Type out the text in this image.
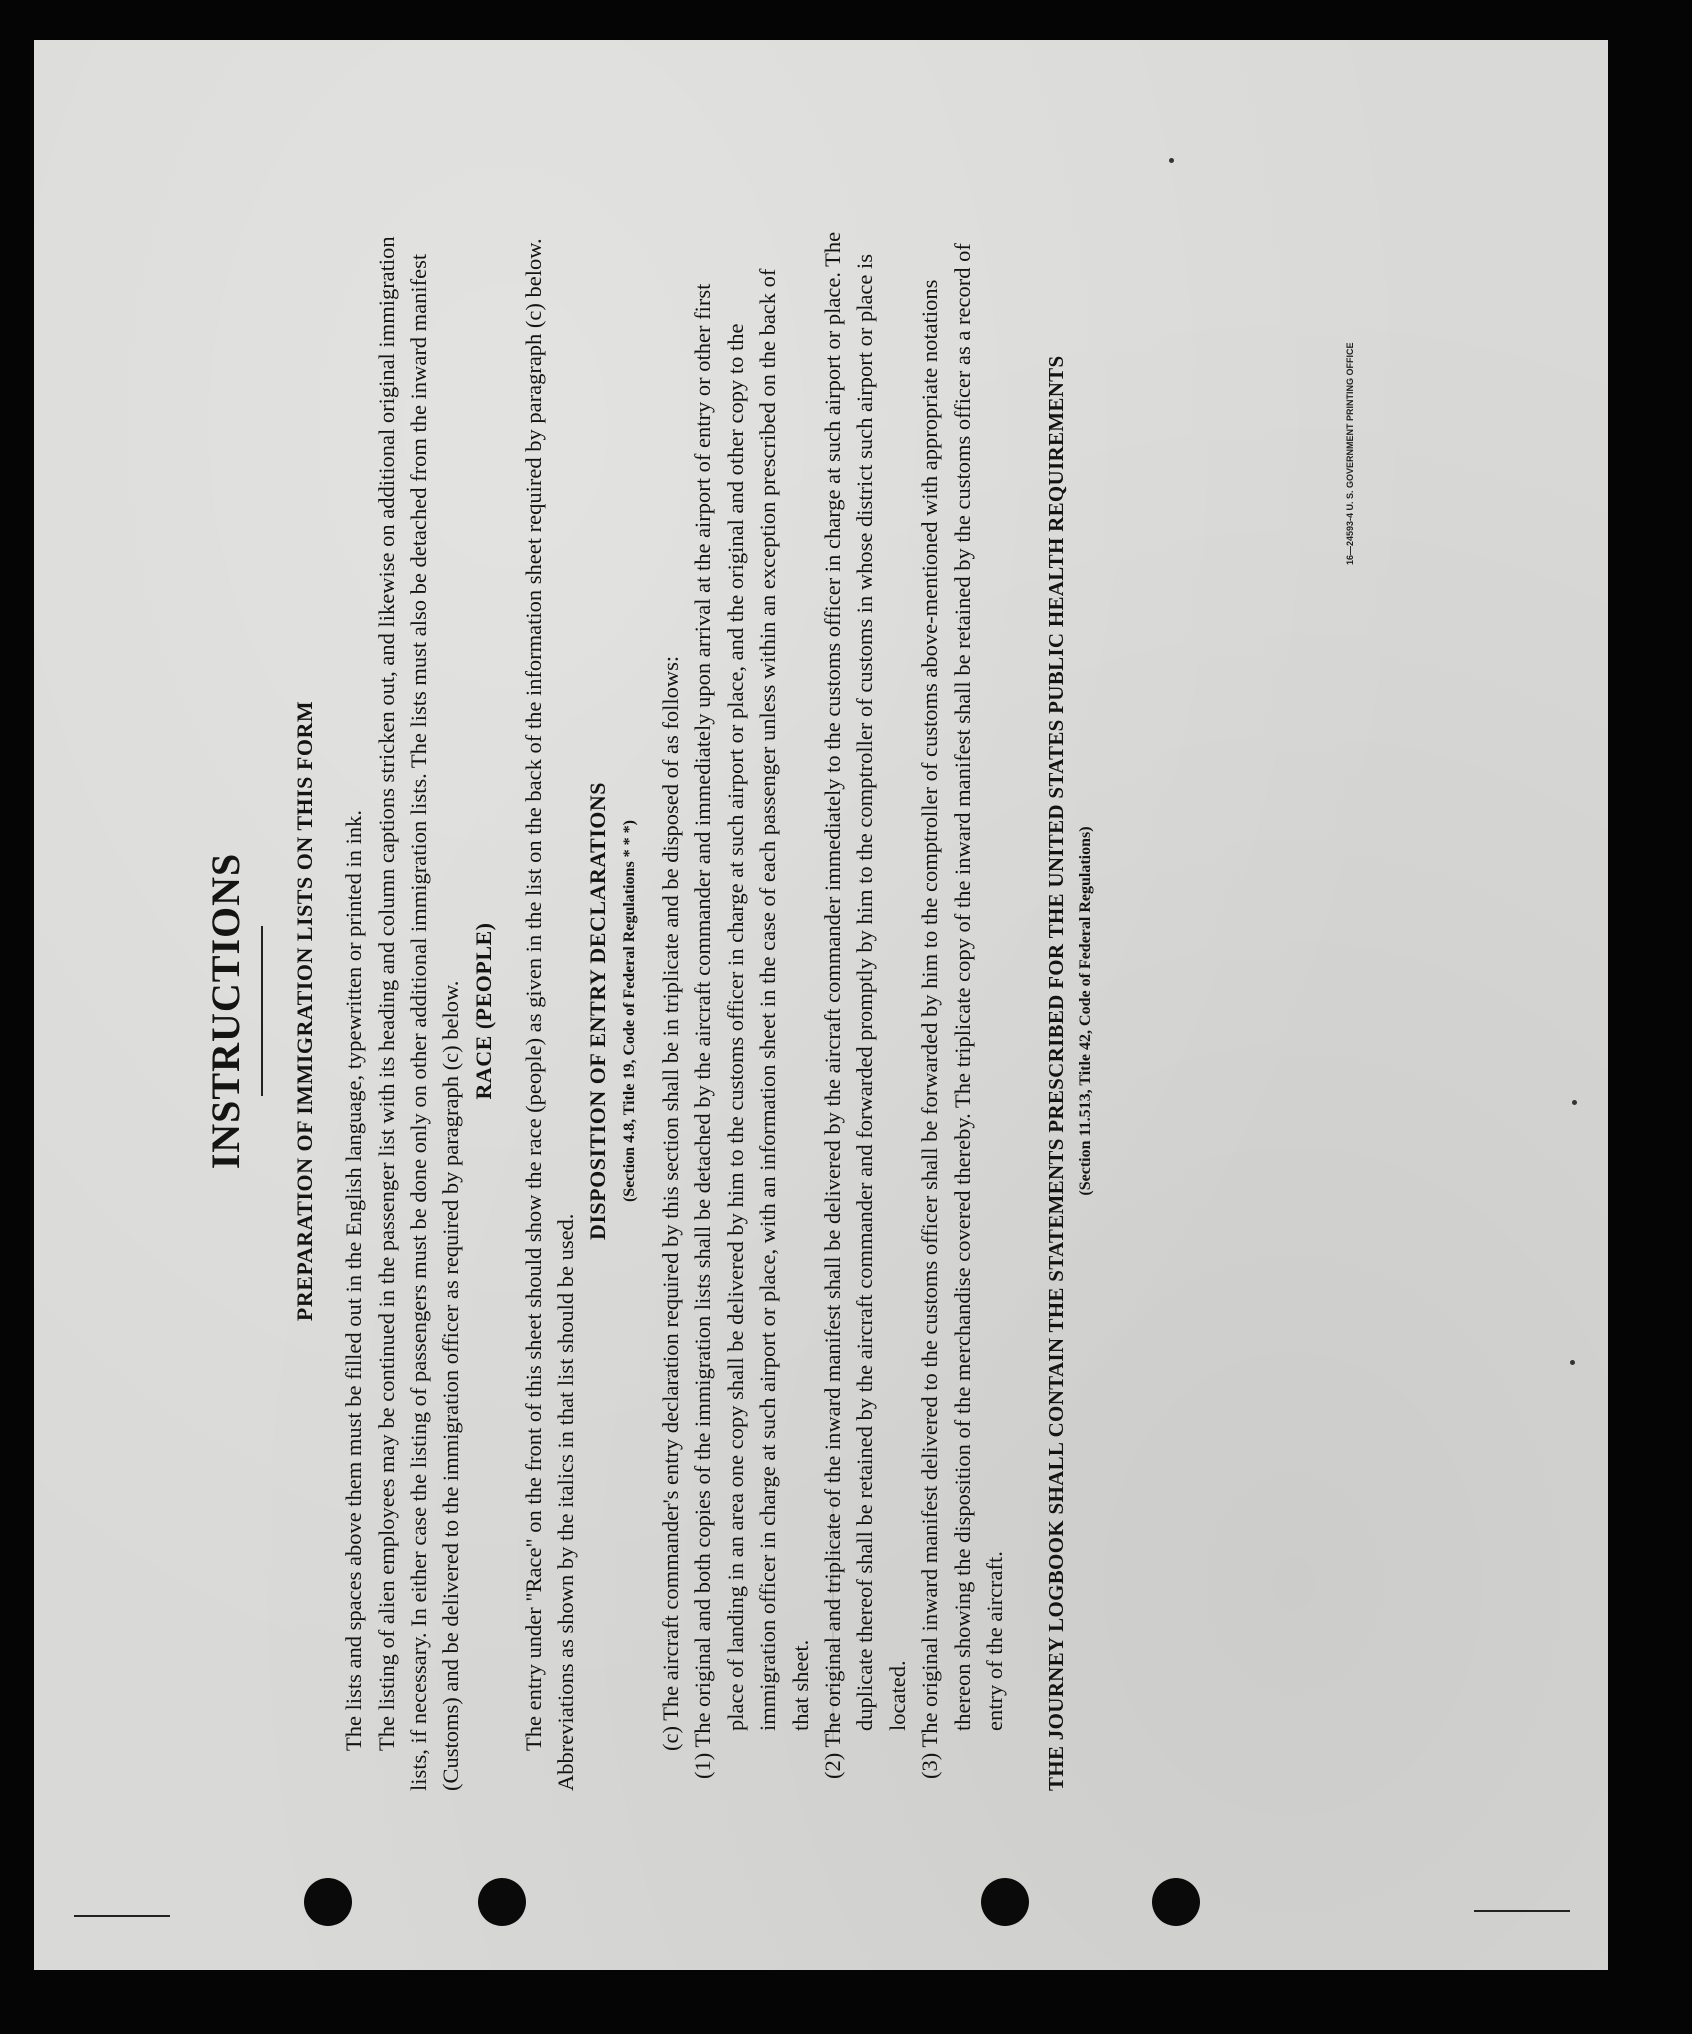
INSTRUCTIONS PREPARATION OF IMMIGRATION LISTS ON THIS FORM The lists and spaces above them must be filled out in the English language, typewritten or printed in ink. The listing of alien employees may be continued in the passenger list with its heading and column captions stricken out, and likewise on additional original immigration lists, if necessary. In either case the listing of passengers must be done only on other additional immigration lists. The lists must also be detached from the inward manifest (Customs) and be delivered to the immigration officer as required by paragraph (c) below. RACE (PEOPLE) The entry under "Race" on the front of this sheet should show the race (people) as given in the list on the back of the information sheet required by paragraph (c) below. Abbreviations as shown by the italics in that list should be used.

DISPOSITION OF ENTRY DECLARATIONS (Section 4.8, Title 19, Code of Federal Regulations * * *) (c) The aircraft commander's entry declaration required by this section shall be in triplicate and be disposed of as follows: (1) The original and both copies of the immigration lists shall be detached by the aircraft commander and immediately upon arrival at the airport of entry or other first place of landing in an area one copy shall be delivered by him to the customs officer in charge at such airport or place, and the original and other copy to the immigration officer in charge at such airport or place, with an information sheet in the case of each passenger unless within an exception prescribed on the back of that sheet. (2) The original and triplicate of the inward manifest shall be delivered by the aircraft commander immediately to the customs officer in charge at such airport or place. The duplicate thereof shall be retained by the aircraft commander and forwarded promptly by him to the comptroller of customs in whose district such airport or place is located. (3) The original inward manifest delivered to the customs officer shall be forwarded by him to the comptroller of customs above-mentioned with appropriate notations thereon showing the disposition of the merchandise covered thereby. The triplicate copy of the inward manifest shall be retained by the customs officer as a record of entry of the aircraft. THE JOURNEY LOGBOOK SHALL CONTAIN THE STATEMENTS PRESCRIBED FOR THE UNITED STATES PUBLIC HEALTH REQUIREMENTS (Section 11.513, Title 42, Code of Federal Regulations)
16—24593-4 U. S. GOVERNMENT PRINTING OFFICE
